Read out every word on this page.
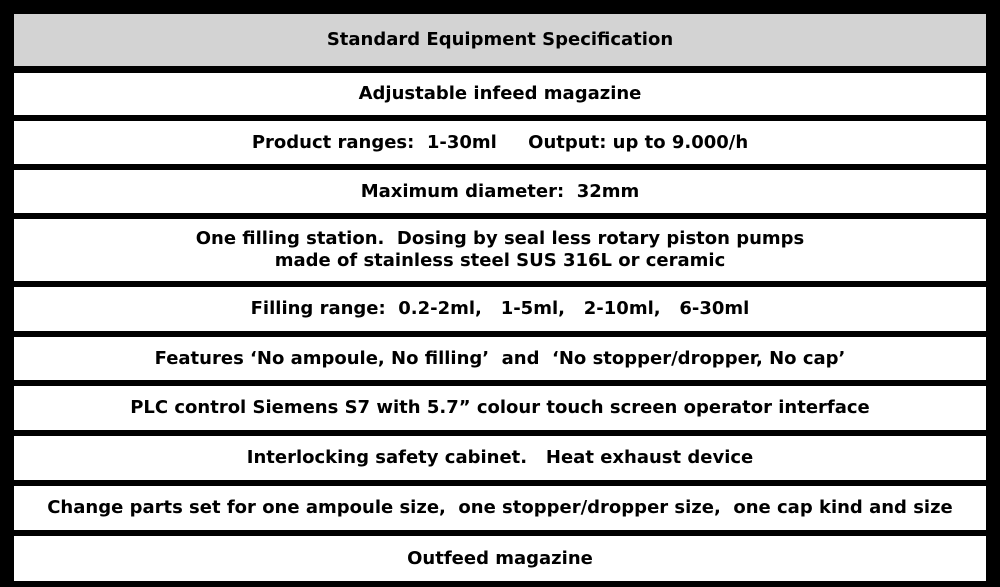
Standard Equipment Specification
Adjustable infeed magazine
Product ranges:  1-30ml     Output: up to 9.000/h
Maximum diameter:  32mm
One filling station.  Dosing by seal less rotary piston pumps
made of stainless steel SUS 316L or ceramic
Filling range:  0.2-2ml,   1-5ml,   2-10ml,   6-30ml
Features ‘No ampoule, No filling’  and  ‘No stopper/dropper, No cap’
PLC control Siemens S7 with 5.7” colour touch screen operator interface
Interlocking safety cabinet.   Heat exhaust device
Change parts set for one ampoule size,  one stopper/dropper size,  one cap kind and size
Outfeed magazine
